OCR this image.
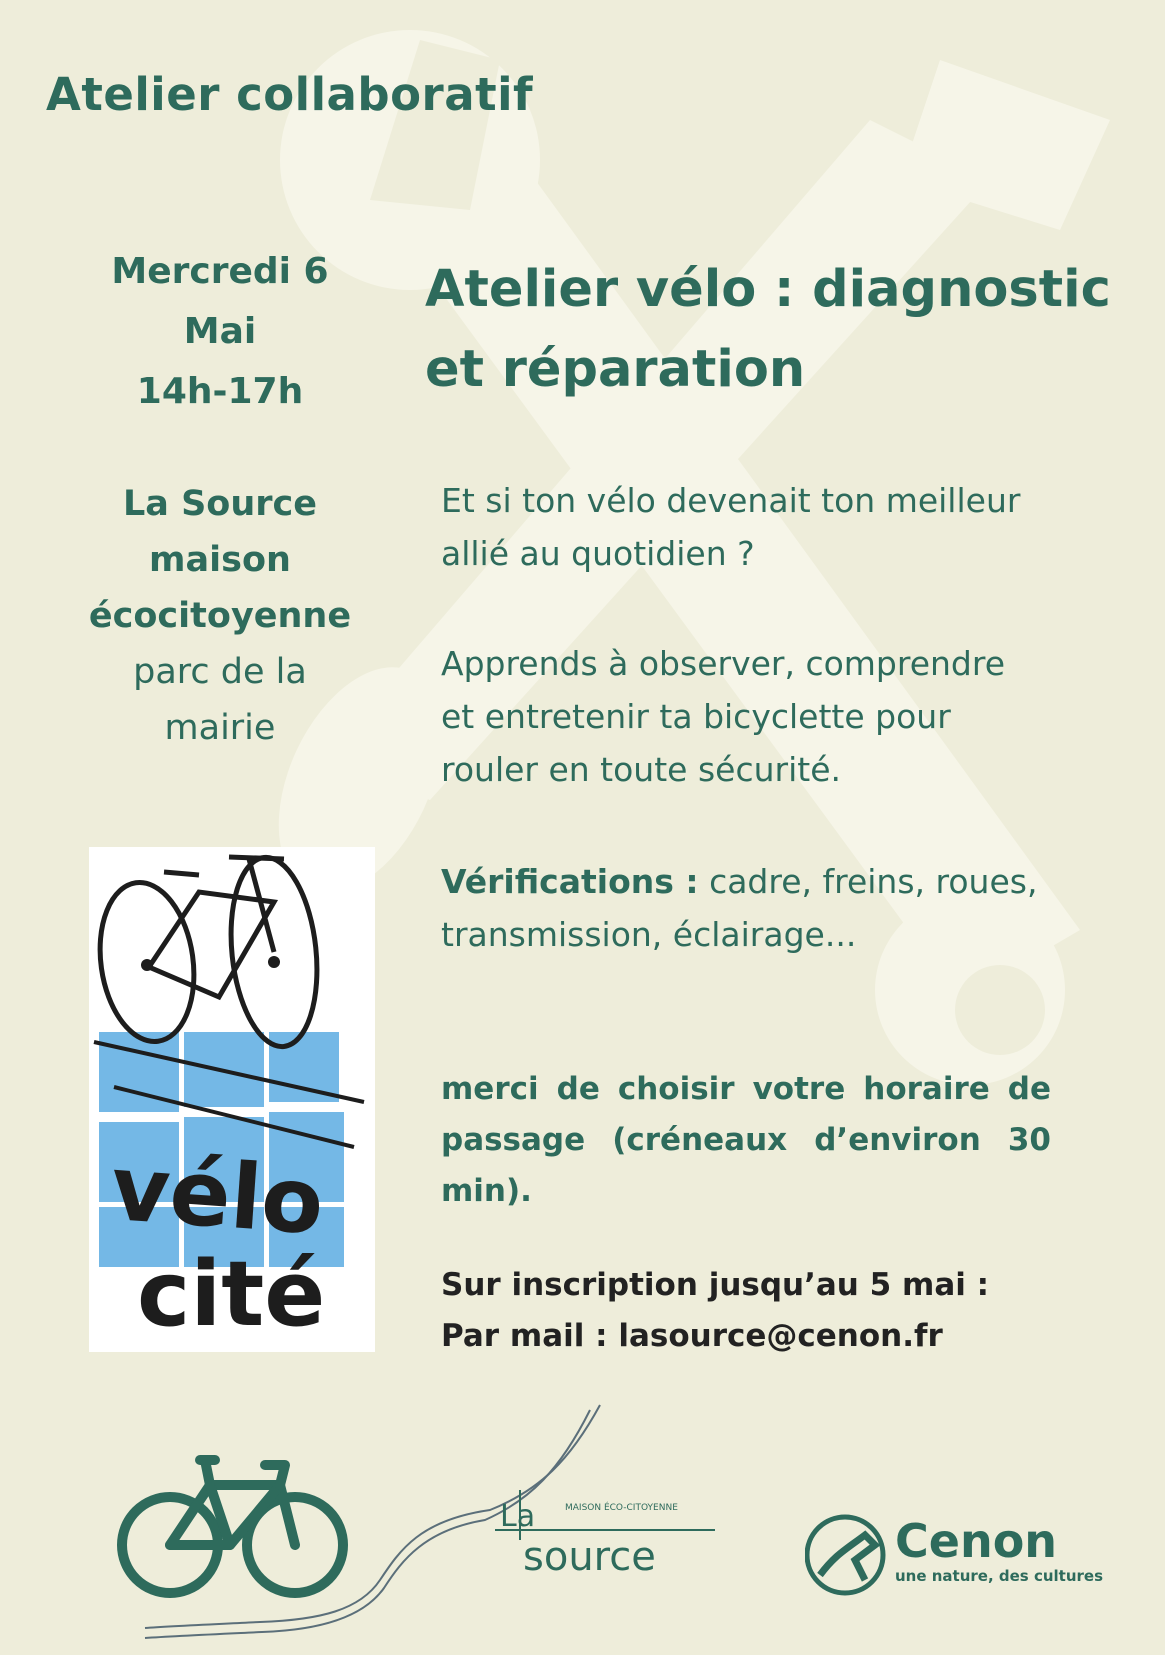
Atelier collaboratif
Mercredi 6
Mai
14h-17h
La Source
maison
écocitoyenne
parc de la
mairie
Atelier vélo : diagnostic
et réparation
Et si ton vélo devenait ton meilleur
allié au quotidien ?
Apprends à observer, comprendre
et entretenir ta bicyclette pour
rouler en toute sécurité.
Vérifications : cadre, freins, roues,
transmission, éclairage...
merci de choisir votre horaire de
passage (créneaux d’environ 30
min).
Sur inscription jusqu’au 5 mai :
Par mail : lasource@cenon.fr
vélo
cité
La	MAISON ÉCO-CITOYENNE
source	Cenon
une nature, des cultures
